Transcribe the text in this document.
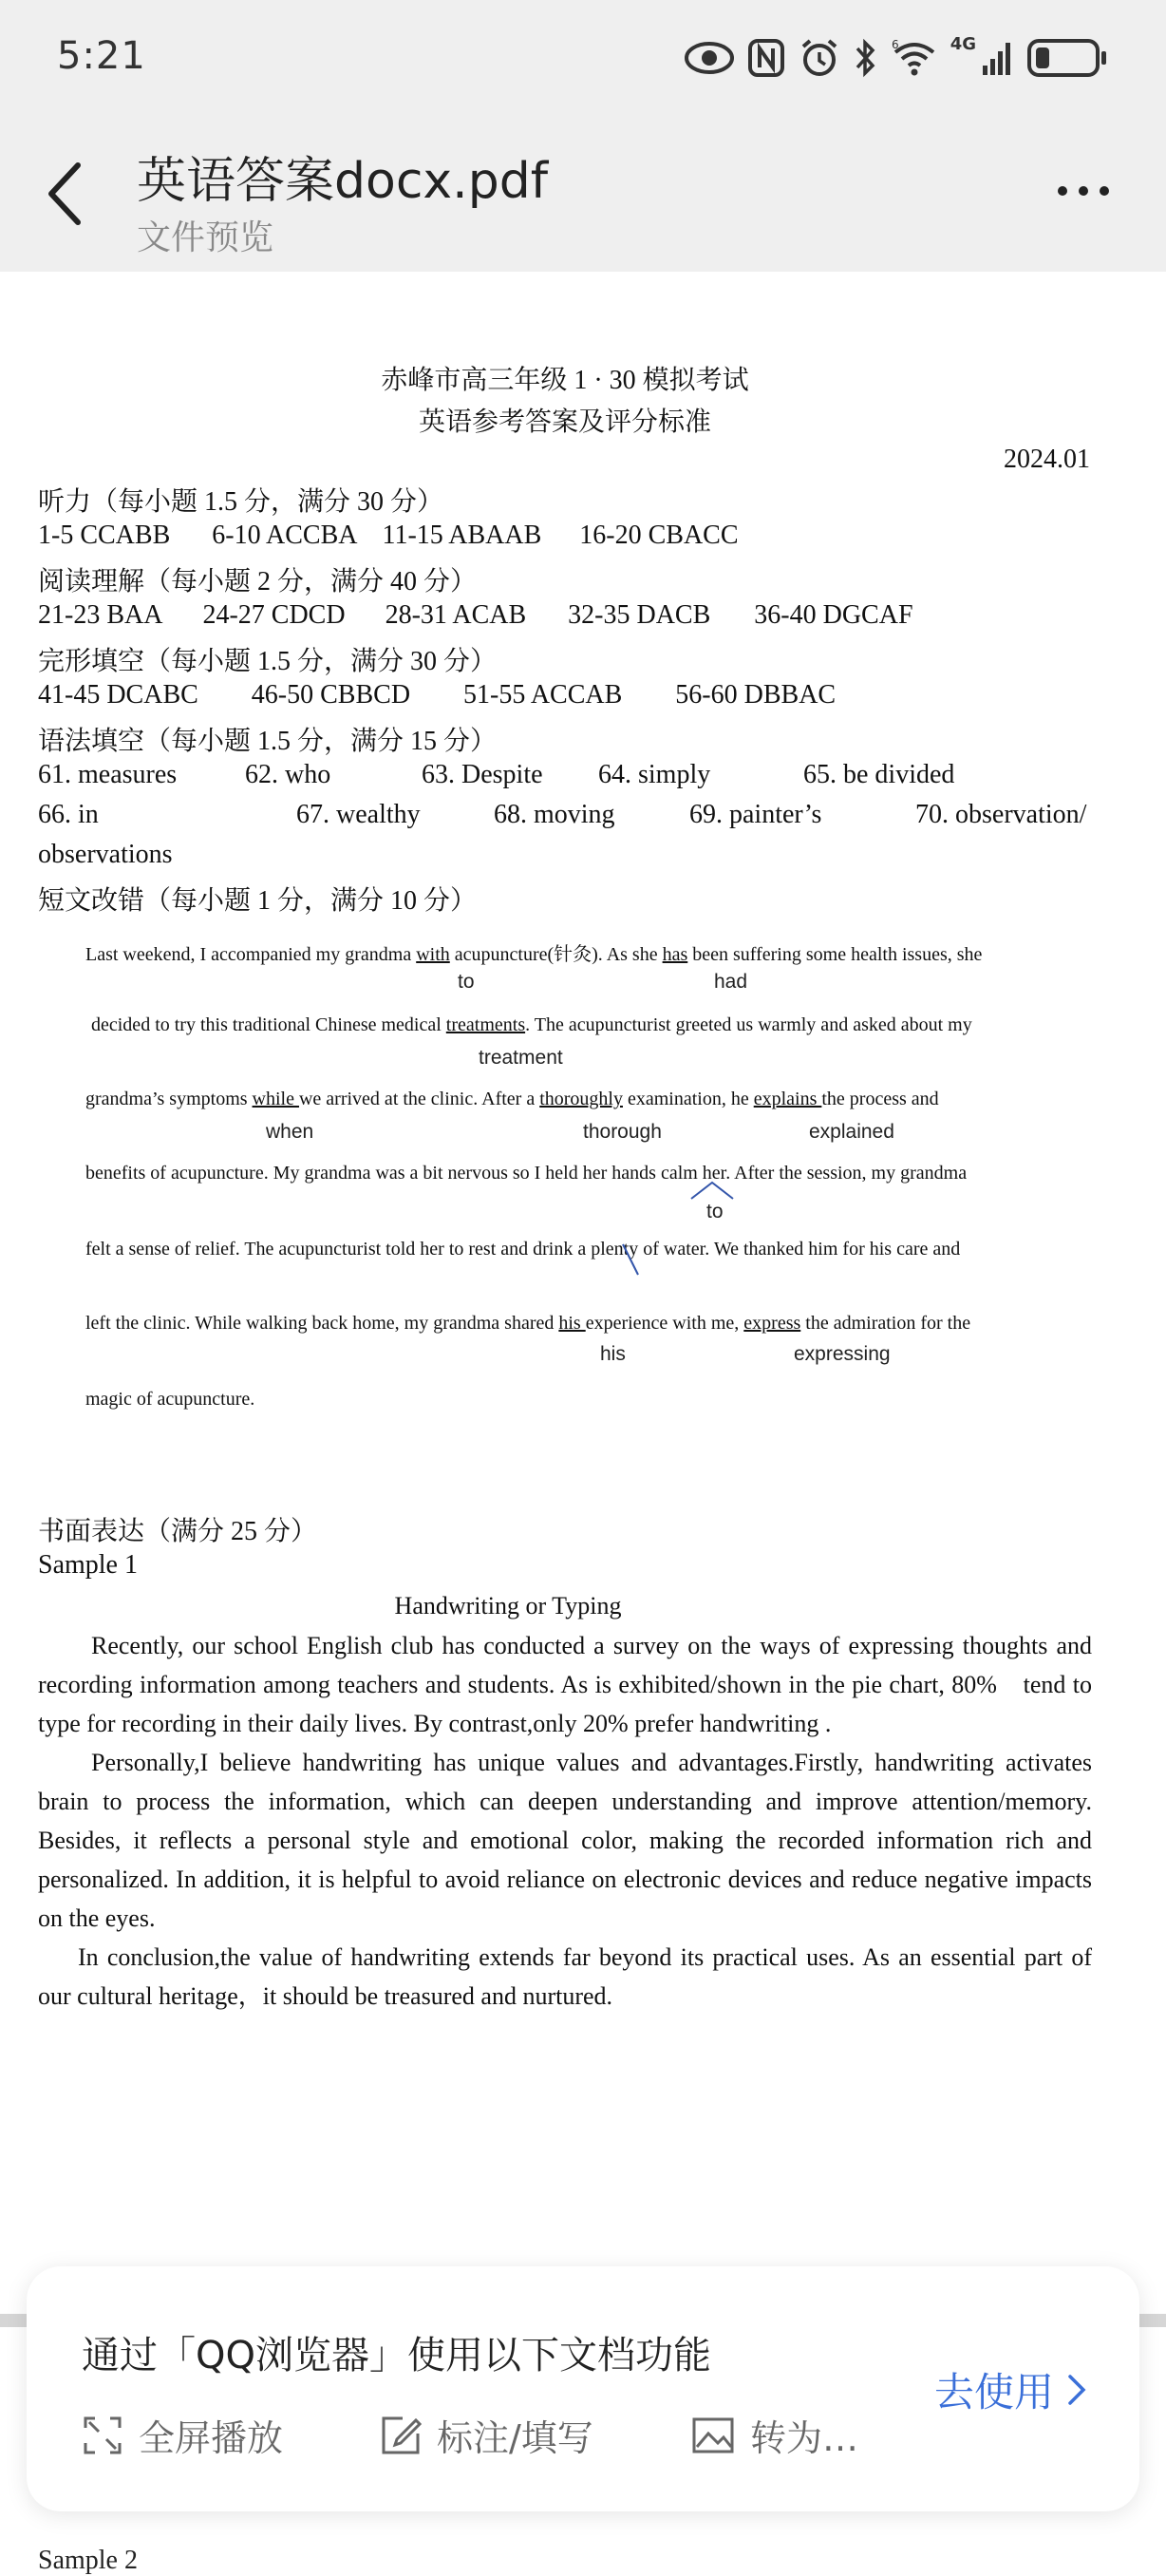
5:21	6	4G
英语答案docx.pdf
文件预览
赤峰市高三年级 1 · 30 模拟考试
英语参考答案及评分标准
2024.01
听力（每小题 1.5 分，满分 30 分）
1-5 CCABB 6-10 ACCBA 11-15 ABAAB 16-20 CBACC
阅读理解（每小题 2 分，满分 40 分）
21-23 BAA 24-27 CDCD 28-31 ACAB 32-35 DACB 36-40 DGCAF
完形填空（每小题 1.5 分，满分 30 分）
41-45 DCABC 46-50 CBBCD 51-55 ACCAB 56-60 DBBAC
语法填空（每小题 1.5 分，满分 15 分）
61. measures	62. who	63. Despite 64. simply	65. be divided
66. in	67. wealthy	68. moving	69. painter’s	70. observation/
observations
短文改错（每小题 1 分，满分 10 分）
Last weekend, I accompanied my grandma with acupuncture(针灸). As she has been suffering some health issues, she
to	had
decided to try this traditional Chinese medical treatments. The acupuncturist greeted us warmly and asked about my
treatment
grandma’s symptoms while we arrived at the clinic. After a thoroughly examination, he explains the process and
when	thorough	explained
benefits of acupuncture. My grandma was a bit nervous so I held her hands calm her. After the session, my grandma
to
felt a sense of relief. The acupuncturist told her to rest and drink a plenty of water. We thanked him for his care and
left the clinic. While walking back home, my grandma shared his experience with me, express the admiration for the
his	expressing
magic of acupuncture.
书面表达（满分 25 分）
Sample 1
Handwriting or Typing

Recently, our school English club has conducted a survey on the ways of expressing thoughts and recording information among teachers and students. As is exhibited/shown in the pie chart, 80%　tend to type for recording in their daily lives. By contrast,only 20% prefer handwriting .

Personally,I believe handwriting has unique values and advantages.Firstly, handwriting activates brain to process the information, which can deepen understanding and improve attention/memory. Besides, it reflects a personal style and emotional color, making the recorded information rich and personalized. In addition, it is helpful to avoid reliance on electronic devices and reduce negative impacts on the eyes.

In conclusion,the value of handwriting extends far beyond its practical uses. As an essential part of our cultural heritage，it should be treasured and nurtured.

Sample 2
通过「QQ浏览器」使用以下文档功能
全屏播放	标注/填写	转为…
去使用
